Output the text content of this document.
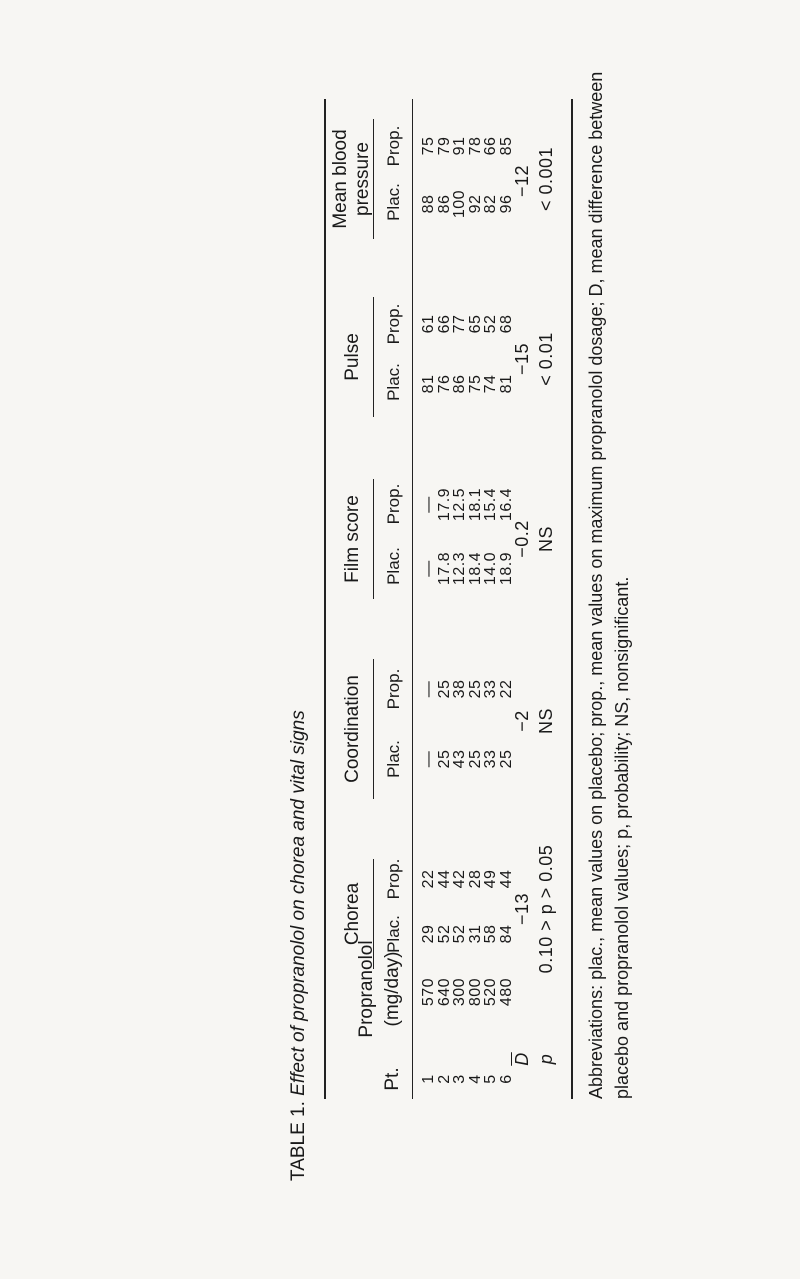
TABLE 1. Effect of propranolol on chorea and vital signs	Pt.
Propranolol (mg/day)
Chorea
Coordination
Film score
Pulse
Mean blood pressure
Plac.
Prop.
Plac.
Prop.
Plac.
Prop.
Plac.
Prop.
Plac.
Prop.
1
570
29
22
—
—
—
—
81
61
88
75
2
640
52
44
25
25
17.8
17.9
76
66
86
79
3
300
52
42
43
38
12.3
12.5
86
77
100
91
4
800
31
28
25
25
18.4
18.1
75
65
92
78
5
520
58
49
33
33
14.0
15.4
74
52
82
66
6
480
84
44
25
22
18.9
16.4
81
68
96
85
$\overline{D}$ p
−13 0.10 > p > 0.05
−2 NS
−0.2 NS
−15 < 0.01
−12 < 0.001 Abbreviations: plac., mean values on placebo; prop., mean values on maximum propranolol dosage; D, mean difference between placebo and propranolol values; p, probability; NS, nonsignificant.
